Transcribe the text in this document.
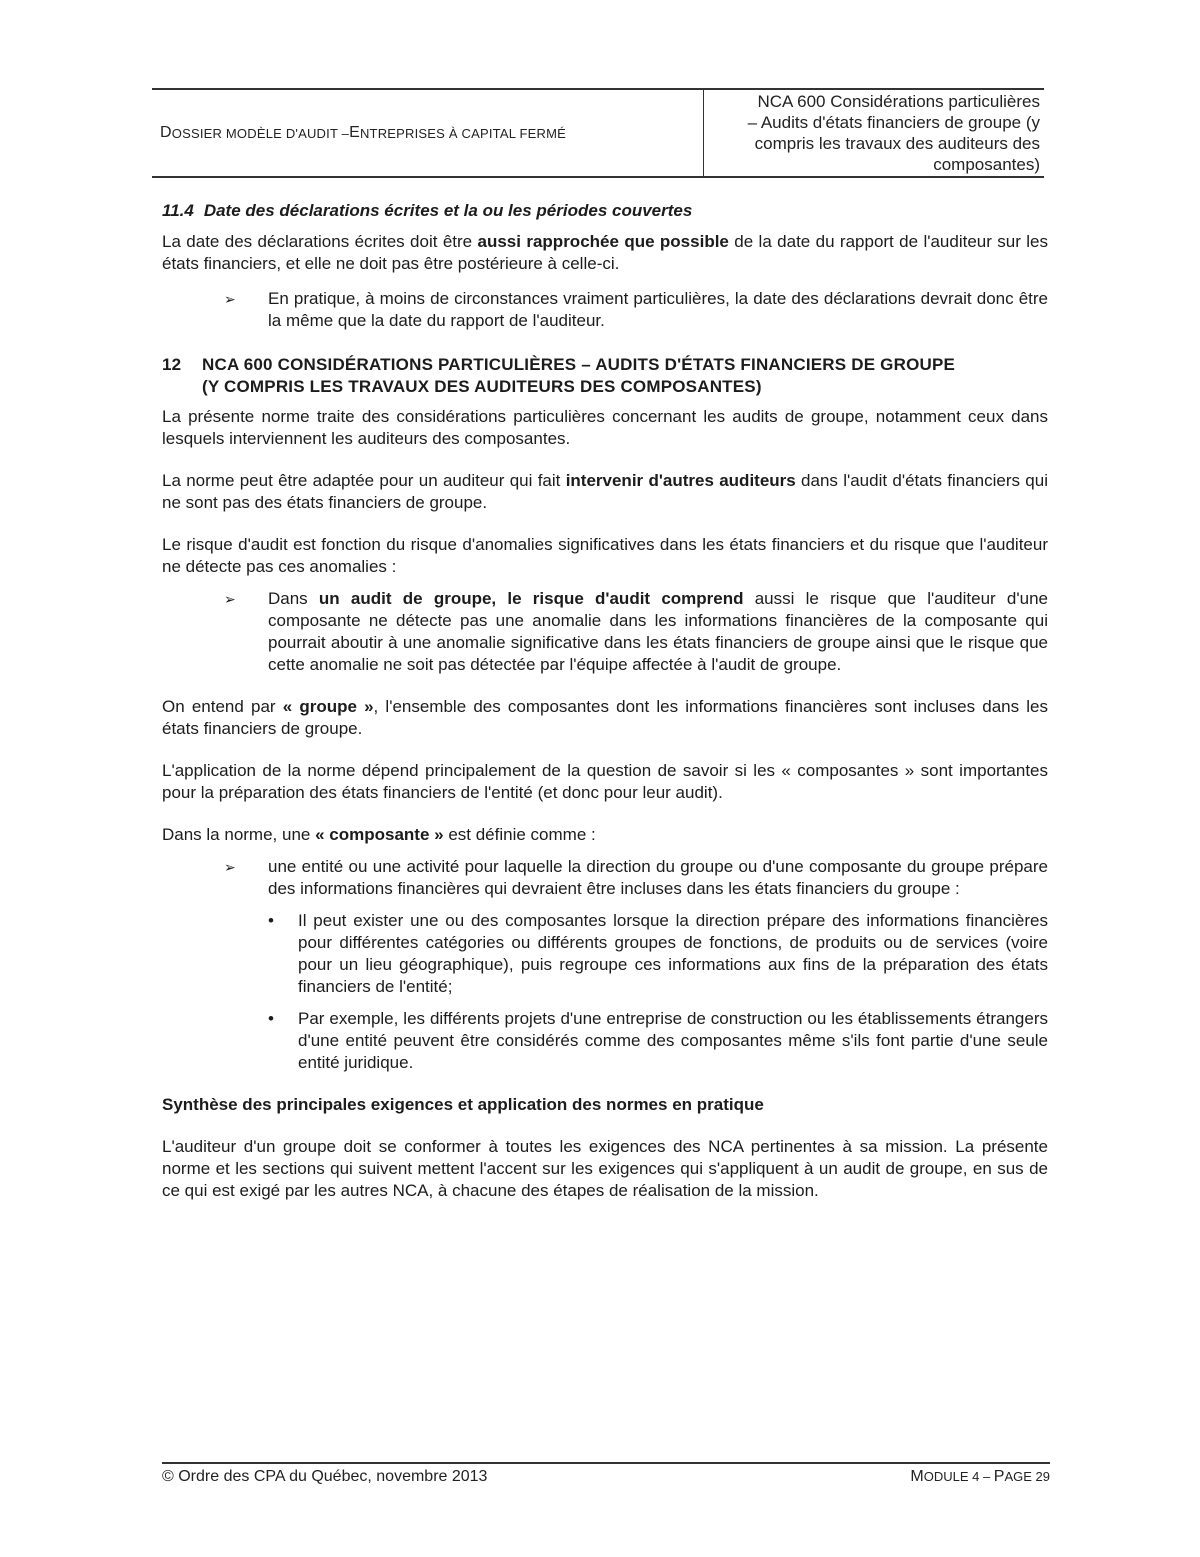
D OSSIER MODÈLE D'AUDIT – E NTREPRISES À CAPITAL FERMÉ
NCA 600 Considérations particulières
– Audits d'états financiers de groupe (y
compris les travaux des auditeurs des
composantes)
11.4 Date des déclarations écrites et la ou les périodes couvertes

La date des déclarations écrites doit être aussi rapprochée que possible de la date du rapport de l'auditeur sur les états financiers, et elle ne doit pas être postérieure à celle-ci.

➢	En pratique, à moins de circonstances vraiment particulières, la date des déclarations devrait donc être la même que la date du rapport de l'auditeur.
12	NCA 600 CONSIDÉRATIONS PARTICULIÈRES – AUDITS D'ÉTATS FINANCIERS DE GROUPE
(Y COMPRIS LES TRAVAUX DES AUDITEURS DES COMPOSANTES)

La présente norme traite des considérations particulières concernant les audits de groupe, notamment ceux dans lesquels interviennent les auditeurs des composantes.

La norme peut être adaptée pour un auditeur qui fait intervenir d'autres auditeurs dans l'audit d'états financiers qui ne sont pas des états financiers de groupe.

Le risque d'audit est fonction du risque d'anomalies significatives dans les états financiers et du risque que l'auditeur ne détecte pas ces anomalies :

➢	Dans un audit de groupe, le risque d'audit comprend aussi le risque que l'auditeur d'une composante ne détecte pas une anomalie dans les informations financières de la composante qui pourrait aboutir à une anomalie significative dans les états financiers de groupe ainsi que le risque que cette anomalie ne soit pas détectée par l'équipe affectée à l'audit de groupe.

On entend par « groupe », l'ensemble des composantes dont les informations financières sont incluses dans les états financiers de groupe.

L'application de la norme dépend principalement de la question de savoir si les « composantes » sont importantes pour la préparation des états financiers de l'entité (et donc pour leur audit).

Dans la norme, une « composante » est définie comme :

➢	une entité ou une activité pour laquelle la direction du groupe ou d'une composante du groupe prépare des informations financières qui devraient être incluses dans les états financiers du groupe :
•	Il peut exister une ou des composantes lorsque la direction prépare des informations financières pour différentes catégories ou différents groupes de fonctions, de produits ou de services (voire pour un lieu géographique), puis regroupe ces informations aux fins de la préparation des états financiers de l'entité;
•	Par exemple, les différents projets d'une entreprise de construction ou les établissements étrangers d'une entité peuvent être considérés comme des composantes même s'ils font partie d'une seule entité juridique.

Synthèse des principales exigences et application des normes en pratique

L'auditeur d'un groupe doit se conformer à toutes les exigences des NCA pertinentes à sa mission. La présente norme et les sections qui suivent mettent l'accent sur les exigences qui s'appliquent à un audit de groupe, en sus de ce qui est exigé par les autres NCA, à chacune des étapes de réalisation de la mission.

© Ordre des CPA du Québec, novembre 2013	MODULE 4 – PAGE 29
